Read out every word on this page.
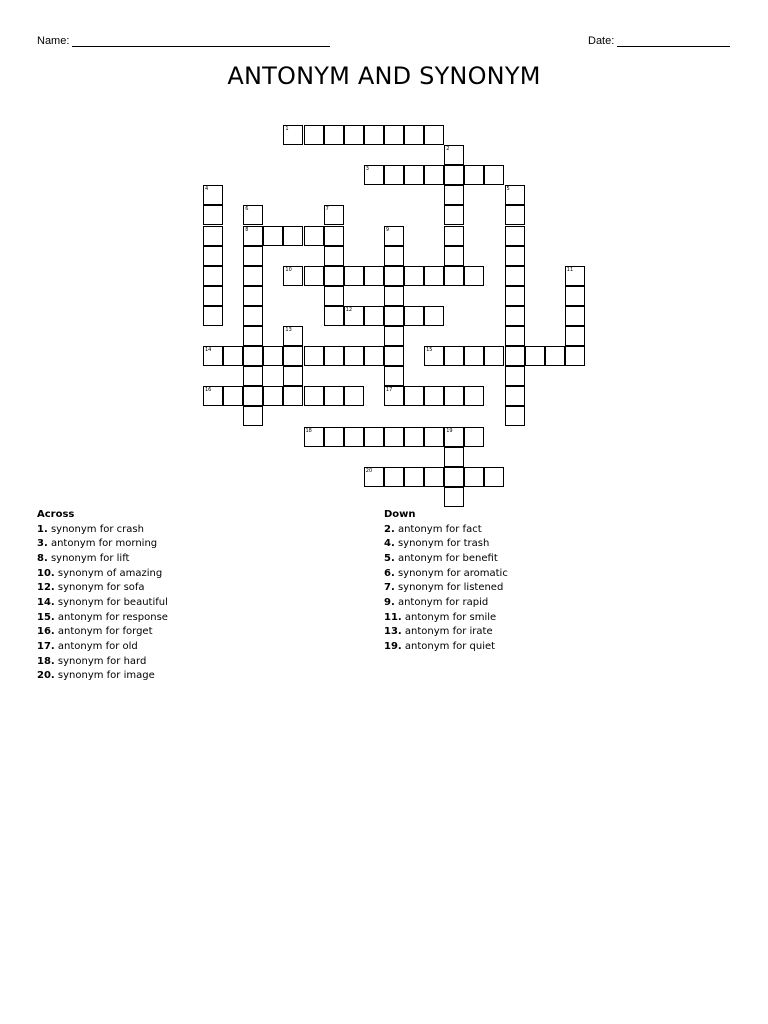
Name:	Date:
ANTONYM AND SYNONYM
1
3
8
10
12
14	15
16	17
18	19
20
2
4	5
6	7
9
11
13
Across
1. synonym for crash
3. antonym for morning
8. synonym for lift
10. synonym of amazing
12. synonym for sofa
14. synonym for beautiful
15. antonym for response
16. antonym for forget
17. antonym for old
18. synonym for hard
20. synonym for image
Down
2. antonym for fact
4. synonym for trash
5. antonym for benefit
6. synonym for aromatic
7. synonym for listened
9. antonym for rapid
11. antonym for smile
13. antonym for irate
19. antonym for quiet
